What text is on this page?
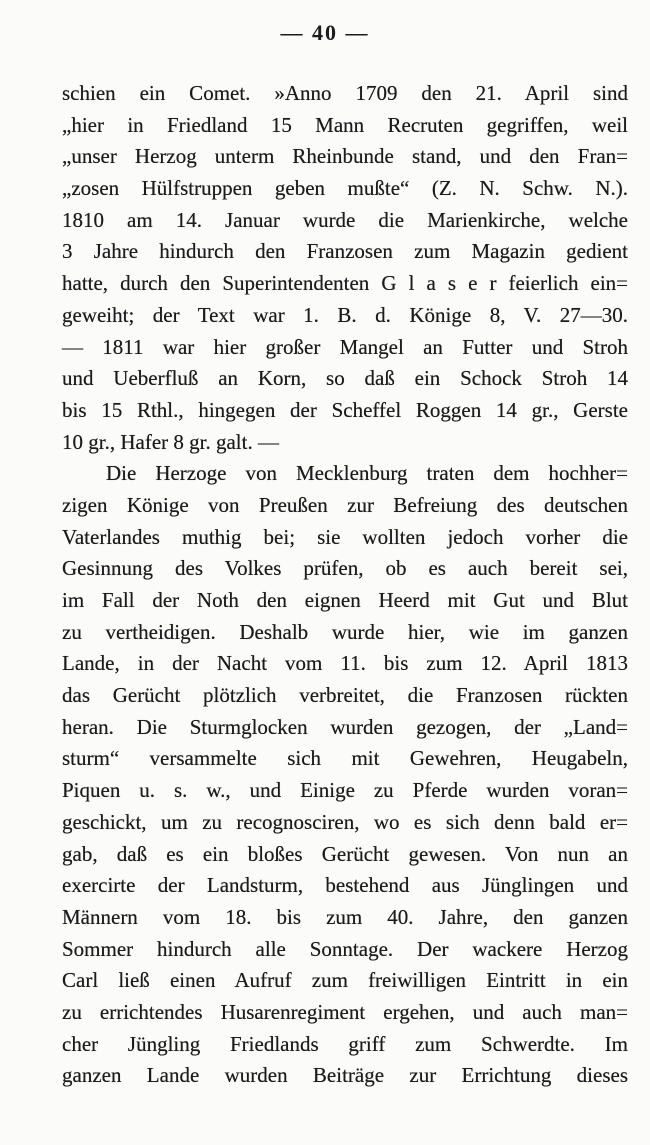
— 40 —
schien ein Comet. »Anno 1709 den 21. April sind
„hier in Friedland 15 Mann Recruten gegriffen, weil
„unser Herzog unterm Rheinbunde stand, und den Fran=
„zosen Hülfstruppen geben mußte“ (Z. N. Schw. N.).
1810 am 14. Januar wurde die Marienkirche, welche
3 Jahre hindurch den Franzosen zum Magazin gedient
hatte, durch den Superintendenten G l a s e r feierlich ein=
geweiht; der Text war 1. B. d. Könige 8, V. 27—30.
— 1811 war hier großer Mangel an Futter und Stroh
und Ueberfluß an Korn, so daß ein Schock Stroh 14
bis 15 Rthl., hingegen der Scheffel Roggen 14 gr., Gerste
10 gr., Hafer 8 gr. galt. —
Die Herzoge von Mecklenburg traten dem hochher=
zigen Könige von Preußen zur Befreiung des deutschen
Vaterlandes muthig bei; sie wollten jedoch vorher die
Gesinnung des Volkes prüfen, ob es auch bereit sei,
im Fall der Noth den eignen Heerd mit Gut und Blut
zu vertheidigen. Deshalb wurde hier, wie im ganzen
Lande, in der Nacht vom 11. bis zum 12. April 1813
das Gerücht plötzlich verbreitet, die Franzosen rückten
heran. Die Sturmglocken wurden gezogen, der „Land=
sturm“ versammelte sich mit Gewehren, Heugabeln,
Piquen u. s. w., und Einige zu Pferde wurden voran=
geschickt, um zu recognosciren, wo es sich denn bald er=
gab, daß es ein bloßes Gerücht gewesen. Von nun an
exercirte der Landsturm, bestehend aus Jünglingen und
Männern vom 18. bis zum 40. Jahre, den ganzen
Sommer hindurch alle Sonntage. Der wackere Herzog
Carl ließ einen Aufruf zum freiwilligen Eintritt in ein
zu errichtendes Husarenregiment ergehen, und auch man=
cher Jüngling Friedlands griff zum Schwerdte. Im
ganzen Lande wurden Beiträge zur Errichtung dieses
